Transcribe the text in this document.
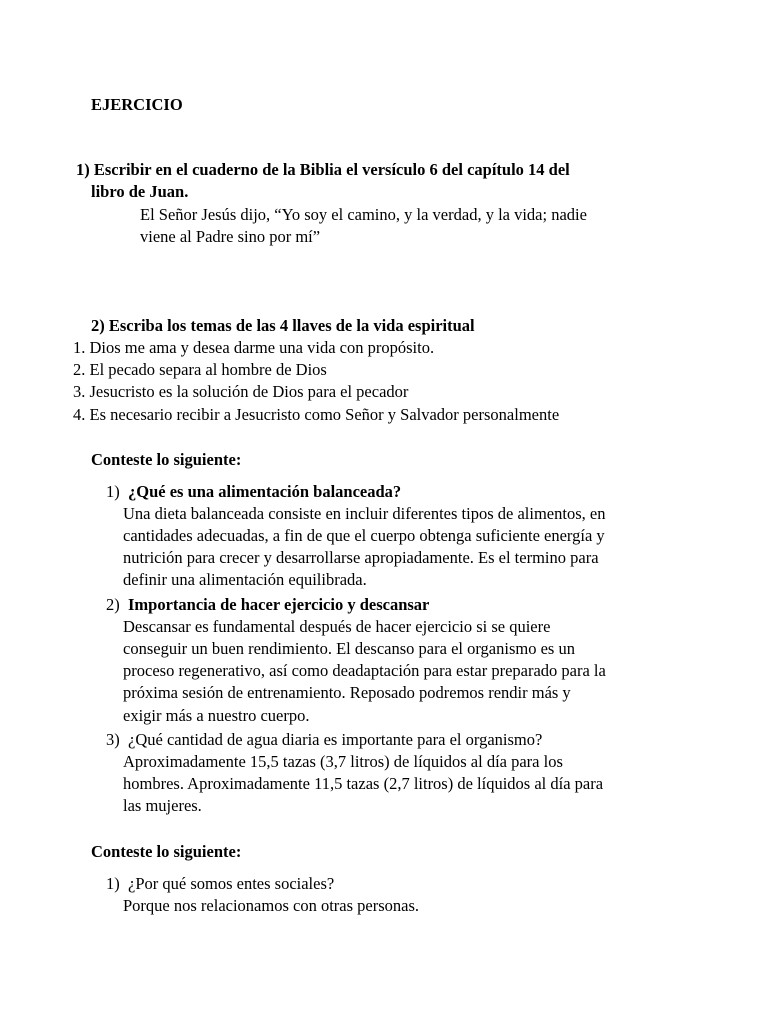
EJERCICIO
1) Escribir en el cuaderno de la Biblia el versículo 6 del capítulo 14 del
libro de Juan.
El Señor Jesús dijo, “Yo soy el camino, y la verdad, y la vida; nadie
viene al Padre sino por mí”
2) Escriba los temas de las 4 llaves de la vida espiritual
1. Dios me ama y desea darme una vida con propósito.
2. El pecado separa al hombre de Dios
3. Jesucristo es la solución de Dios para el pecador
4. Es necesario recibir a Jesucristo como Señor y Salvador personalmente
Conteste lo siguiente:
1) ¿Qué es una alimentación balanceada?
Una dieta balanceada consiste en incluir diferentes tipos de alimentos, en
cantidades adecuadas, a fin de que el cuerpo obtenga suficiente energía y
nutrición para crecer y desarrollarse apropiadamente. Es el termino para
definir una alimentación equilibrada.
2) Importancia de hacer ejercicio y descansar
Descansar es fundamental después de hacer ejercicio si se quiere
conseguir un buen rendimiento. El descanso para el organismo es un
proceso regenerativo, así como deadaptación para estar preparado para la
próxima sesión de entrenamiento. Reposado podremos rendir más y
exigir más a nuestro cuerpo.
3) ¿Qué cantidad de agua diaria es importante para el organismo?
Aproximadamente 15,5 tazas (3,7 litros) de líquidos al día para los
hombres. Aproximadamente 11,5 tazas (2,7 litros) de líquidos al día para
las mujeres.
Conteste lo siguiente:
1) ¿Por qué somos entes sociales?
Porque nos relacionamos con otras personas.
